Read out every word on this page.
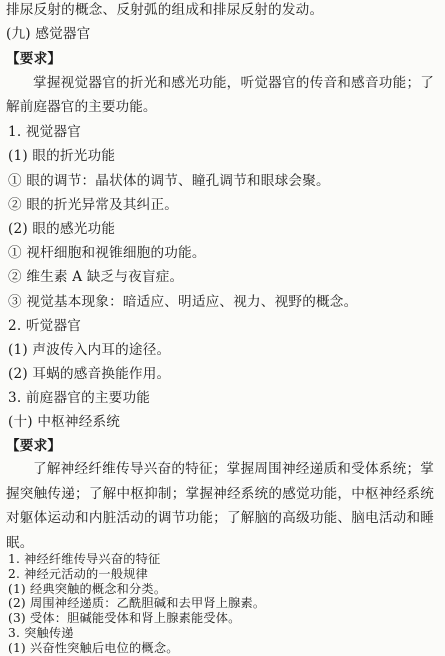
排尿反射的概念、反射弧的组成和排尿反射的发动。
(九) 感觉器官
【要求】
掌握视觉器官的折光和感光功能，听觉器官的传音和感音功能；了解前庭器官的主要功能。
1. 视觉器官
(1) 眼的折光功能
① 眼的调节：晶状体的调节、瞳孔调节和眼球会聚。
② 眼的折光异常及其纠正。
(2) 眼的感光功能
① 视杆细胞和视锥细胞的功能。
② 维生素 A 缺乏与夜盲症。
③ 视觉基本现象：暗适应、明适应、视力、视野的概念。
2. 听觉器官
(1) 声波传入内耳的途径。
(2) 耳蜗的感音换能作用。
3. 前庭器官的主要功能
(十) 中枢神经系统
【要求】
了解神经纤维传导兴奋的特征；掌握周围神经递质和受体系统；掌握突触传递；了解中枢抑制；掌握神经系统的感觉功能，中枢神经系统对躯体运动和内脏活动的调节功能；了解脑的高级功能、脑电活动和睡眠。
1. 神经纤维传导兴奋的特征
2. 神经元活动的一般规律
(1) 经典突触的概念和分类。
(2) 周围神经递质：乙酰胆碱和去甲肾上腺素。
(3) 受体：胆碱能受体和肾上腺素能受体。
3. 突触传递
(1) 兴奋性突触后电位的概念。
